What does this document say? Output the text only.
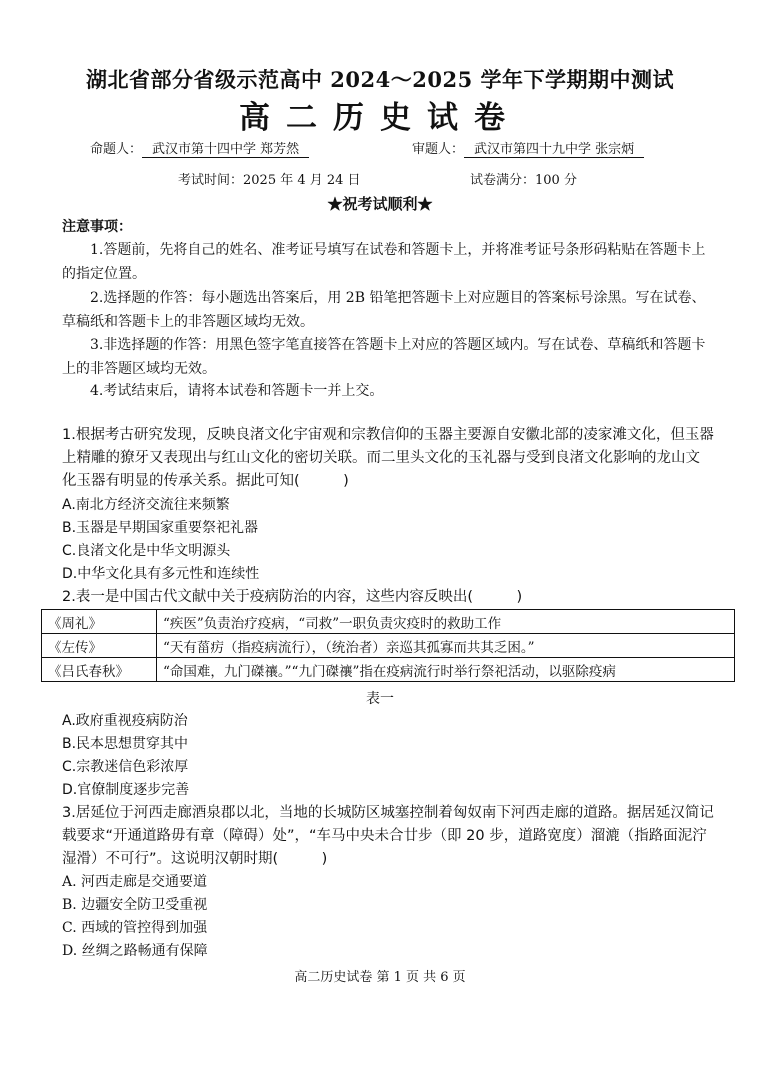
湖北省部分省级示范高中 2024～2025 学年下学期期中测试
高二历史试卷
命题人： 武汉市第十四中学 郑芳然	审题人： 武汉市第四十九中学 张宗炳
考试时间：2025 年 4 月 24 日	试卷满分：100 分
★祝考试顺利★
注意事项：
1.答题前，先将自己的姓名、准考证号填写在试卷和答题卡上，并将准考证号条形码粘贴在答题卡上的指定位置。
2.选择题的作答：每小题选出答案后，用 2B 铅笔把答题卡上对应题目的答案标号涂黑。写在试卷、草稿纸和答题卡上的非答题区域均无效。
3.非选择题的作答：用黑色签字笔直接答在答题卡上对应的答题区域内。写在试卷、草稿纸和答题卡上的非答题区域均无效。
4.考试结束后，请将本试卷和答题卡一并上交。
1.根据考古研究发现，反映良渚文化宇宙观和宗教信仰的玉器主要源自安徽北部的凌家滩文化，但玉器上精雕的獠牙又表现出与红山文化的密切关联。而二里头文化的玉礼器与受到良渚文化影响的龙山文化玉器有明显的传承关系。据此可知(　　　)
A.南北方经济交流往来频繁
B.玉器是早期国家重要祭祀礼器
C.良渚文化是中华文明源头
D.中华文化具有多元性和连续性
2.表一是中国古代文献中关于疫病防治的内容，这些内容反映出(　　　)
《周礼》	“疾医”负责治疗疫病，“司救”一职负责灾疫时的救助工作
《左传》	“天有菑疠（指疫病流行），（统治者）亲巡其孤寡而共其乏困。”
《吕氏春秋》	“命国难，九门磔禳。”“九门磔禳”指在疫病流行时举行祭祀活动，以驱除疫病
表一
A.政府重视疫病防治
B.民本思想贯穿其中
C.宗教迷信色彩浓厚
D.官僚制度逐步完善
3.居延位于河西走廊酒泉郡以北，当地的长城防区城塞控制着匈奴南下河西走廊的道路。据居延汉简记载要求“开通道路毋有章（障碍）处”，“车马中央未合廿步（即 20 步，道路宽度）溜漉（指路面泥泞湿滑）不可行”。这说明汉朝时期(　　　)
A. 河西走廊是交通要道
B. 边疆安全防卫受重视
C. 西域的管控得到加强
D. 丝绸之路畅通有保障
高二历史试卷 第 1 页 共 6 页
